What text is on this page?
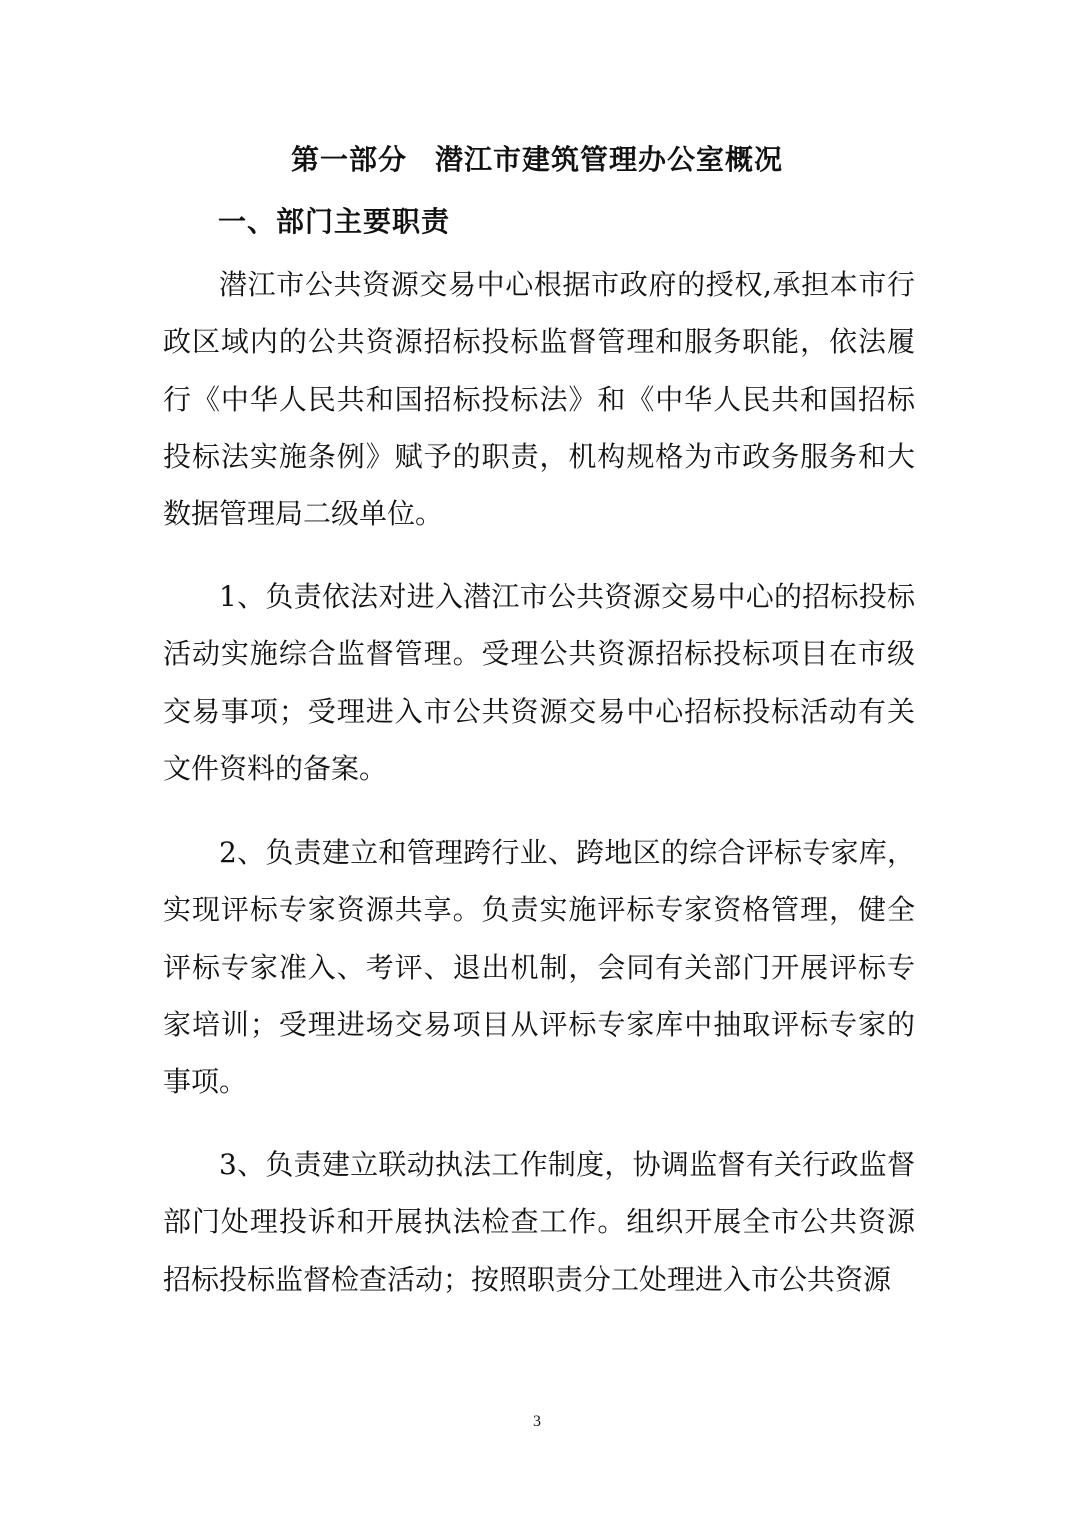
第一部分 潜江市建筑管理办公室概况
一、部门主要职责

潜江市公共资源交易中心根据市政府的授权,承担本市行政区域内的公共资源招标投标监督管理和服务职能，依法履行《中华人民共和国招标投标法》和《中华人民共和国招标投标法实施条例》赋予的职责，机构规格为市政务服务和大数据管理局二级单位。

1、负责依法对进入潜江市公共资源交易中心的招标投标活动实施综合监督管理。受理公共资源招标投标项目在市级交易事项；受理进入市公共资源交易中心招标投标活动有关文件资料的备案。

2、负责建立和管理跨行业、跨地区的综合评标专家库，实现评标专家资源共享。负责实施评标专家资格管理，健全评标专家准入、考评、退出机制，会同有关部门开展评标专家培训；受理进场交易项目从评标专家库中抽取评标专家的事项。

3、负责建立联动执法工作制度，协调监督有关行政监督部门处理投诉和开展执法检查工作。组织开展全市公共资源招标投标监督检查活动；按照职责分工处理进入市公共资源

3
